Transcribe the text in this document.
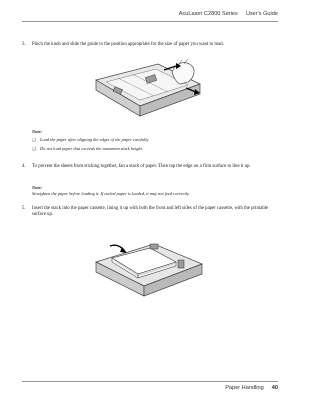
AcuLaser C2800 Series User's Guide
3.	Pinch the knob and slide the guide to the position appropriate for the size of paper you want to load.
Note:
❏ Load the paper after aligning the edges of the paper carefully.
❏ Do not load paper that exceeds the maximum stack height.
4.	To prevent the sheets from sticking together, fan a stack of paper. Then tap the edge on a firm surface to line it up.
Note:
Straighten the paper before loading it. If curled paper is loaded, it may not feed correctly.
5.	Insert the stack into the paper cassette, lining it up with both the front and left sides of the paper cassette, with the printable surface up.
Paper Handling 40
